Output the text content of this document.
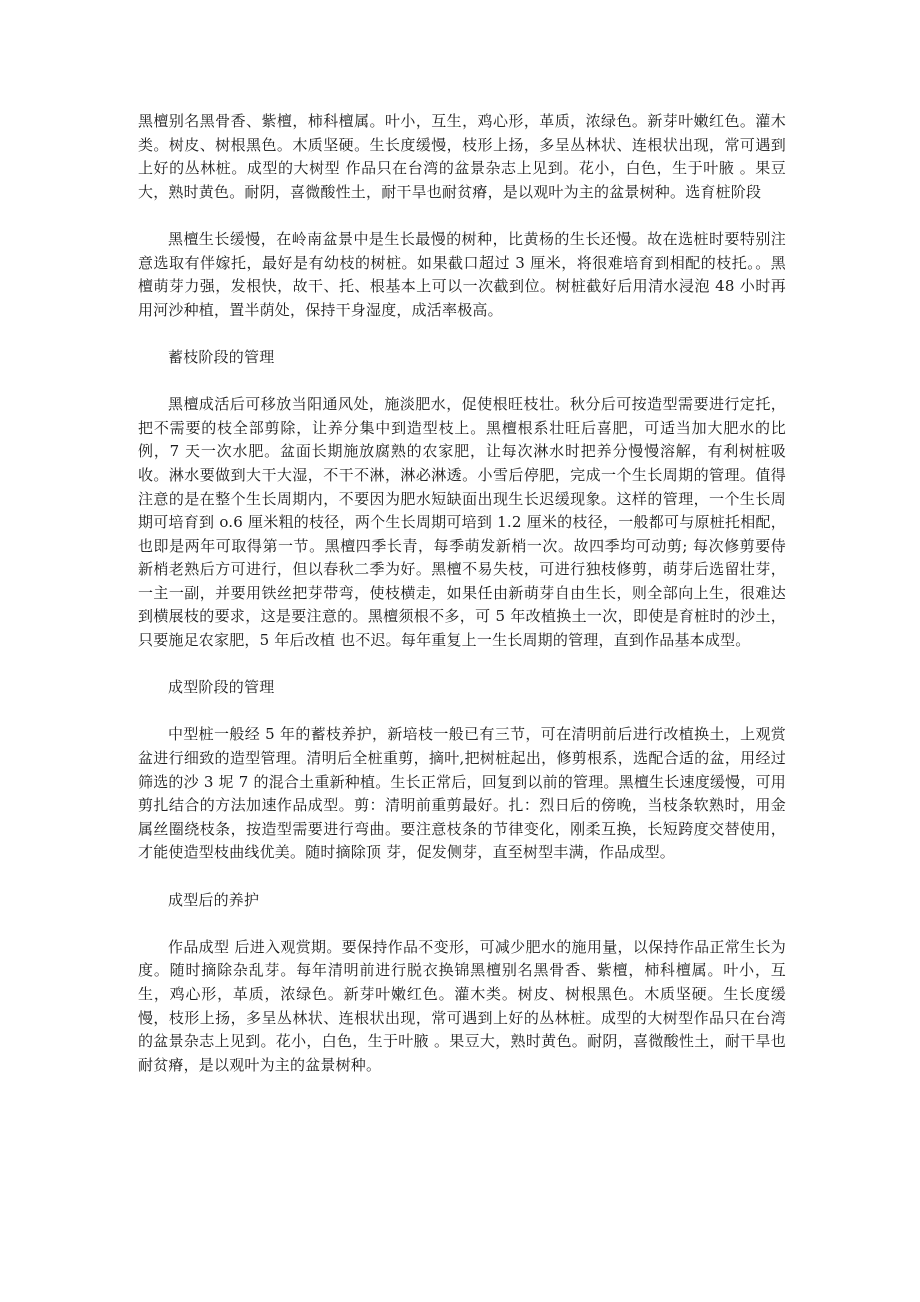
黑檀别名黑骨香、紫檀，柿科檀属。叶小，互生，鸡心形，革质，浓绿色。新芽叶嫩红色。灌木类。树皮、树根黑色。木质坚硬。生长度缓慢，枝形上扬，多呈丛林状、连根状出现，常可遇到上好的丛林桩。成型的大树型 作品只在台湾的盆景杂志上见到。花小，白色，生于叶腋 。果豆大，熟时黄色。耐阴，喜微酸性土，耐干旱也耐贫瘠，是以观叶为主的盆景树种。选育桩阶段

黑檀生长缓慢，在岭南盆景中是生长最慢的树种，比黄杨的生长还慢。故在选桩时要特别注意选取有伴嫁托，最好是有幼枝的树桩。如果截口超过 3 厘米，将很难培育到相配的枝托。。黑檀萌芽力强，发根快，故干、托、根基本上可以一次截到位。树桩截好后用清水浸泡 48 小时再用河沙种植，置半荫处，保持干身湿度，成活率极高。

蓄枝阶段的管理

黑檀成活后可移放当阳通风处，施淡肥水，促使根旺枝壮。秋分后可按造型需要进行定托，把不需要的枝全部剪除，让养分集中到造型枝上。黑檀根系壮旺后喜肥，可适当加大肥水的比例，7 天一次水肥。盆面长期施放腐熟的农家肥，让每次淋水时把养分慢慢溶解，有利树桩吸收。淋水要做到大干大湿，不干不淋，淋必淋透。小雪后停肥，完成一个生长周期的管理。值得注意的是在整个生长周期内，不要因为肥水短缺面出现生长迟缓现象。这样的管理，一个生长周期可培育到 o.6 厘米粗的枝径，两个生长周期可培到 1.2 厘米的枝径，一般都可与原桩托相配，也即是两年可取得第一节。黑檀四季长青，每季萌发新梢一次。故四季均可动剪; 每次修剪要侍新梢老熟后方可进行，但以春秋二季为好。黑檀不易失枝，可进行独枝修剪，萌芽后选留壮芽，一主一副，并要用铁丝把芽带弯，使枝横走，如果任由新萌芽自由生长，则全部向上生，很难达到横展枝的要求，这是要注意的。黑檀须根不多，可 5 年改植换土一次，即使是育桩时的沙土，只要施足农家肥，5 年后改植 也不迟。每年重复上一生长周期的管理，直到作品基本成型。

成型阶段的管理

中型桩一般经 5 年的蓄枝养护，新培枝一般已有三节，可在清明前后进行改植换土，上观赏盆进行细致的造型管理。清明后全桩重剪，摘叶,把树桩起出，修剪根系，选配合适的盆，用经过筛选的沙 3 坭 7 的混合土重新种植。生长正常后，回复到以前的管理。黑檀生长速度缓慢，可用剪扎结合的方法加速作品成型。剪：清明前重剪最好。扎：烈日后的傍晚，当枝条软熟时，用金属丝圈绕枝条，按造型需要进行弯曲。要注意枝条的节律变化，刚柔互换，长短跨度交替使用，才能使造型枝曲线优美。随时摘除顶 芽，促发侧芽，直至树型丰满，作品成型。

成型后的养护

作品成型 后进入观赏期。要保持作品不变形，可减少肥水的施用量，以保持作品正常生长为度。随时摘除杂乱芽。每年清明前进行脱衣换锦黑檀别名黑骨香、紫檀，柿科檀属。叶小，互生，鸡心形，革质，浓绿色。新芽叶嫩红色。灌木类。树皮、树根黑色。木质坚硬。生长度缓慢，枝形上扬，多呈丛林状、连根状出现，常可遇到上好的丛林桩。成型的大树型作品只在台湾的盆景杂志上见到。花小，白色，生于叶腋 。果豆大，熟时黄色。耐阴，喜微酸性土，耐干旱也耐贫瘠，是以观叶为主的盆景树种。
